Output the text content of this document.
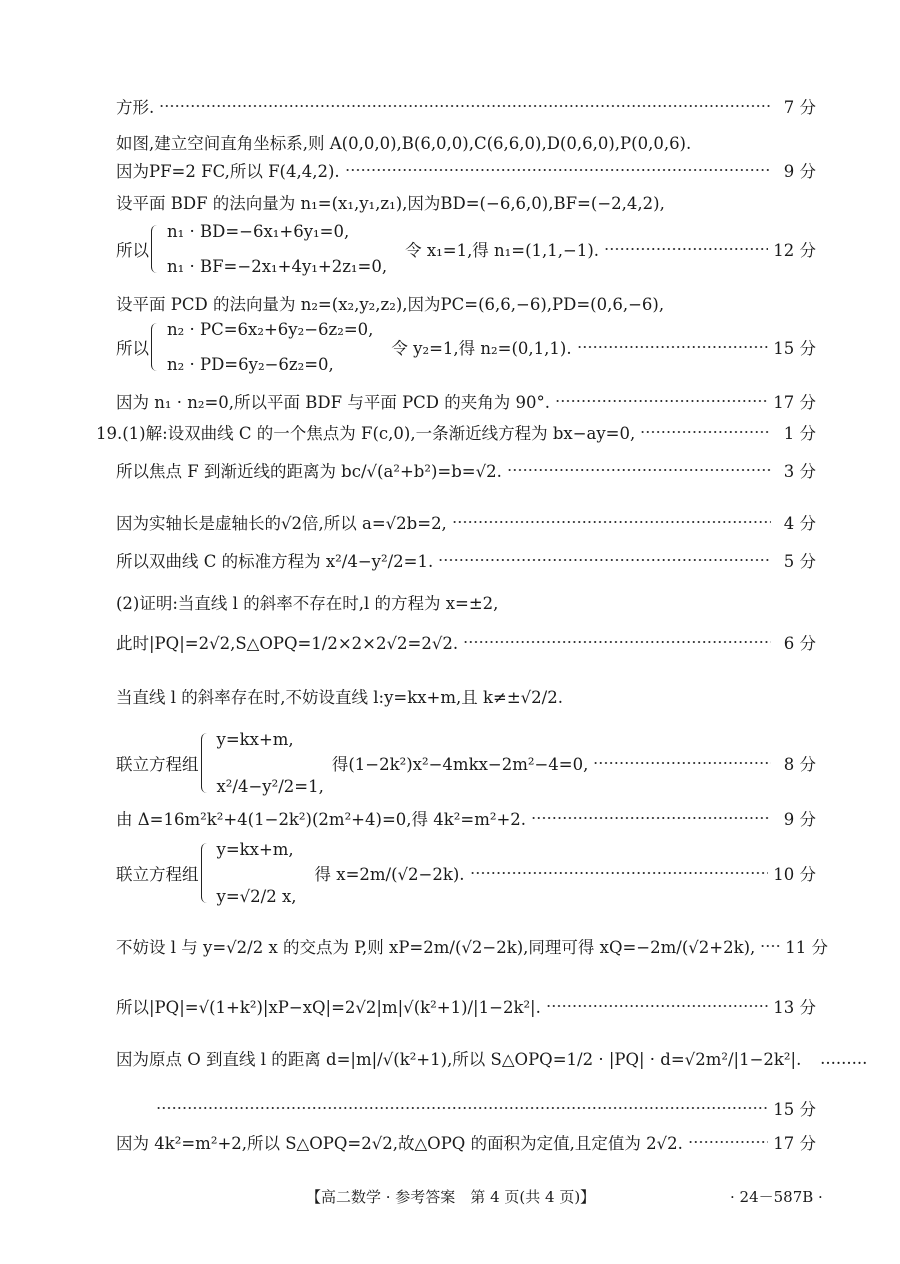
方形.	7 分
如图,建立空间直角坐标系,则 A(0,0,0),B(6,0,0),C(6,6,0),D(0,6,0),P(0,0,6).
因为PF=2 FC,所以 F(4,4,2).	9 分
设平面 BDF 的法向量为 n₁=(x₁,y₁,z₁),因为BD=(−6,6,0),BF=(−2,4,2),
所以
n₁ · BD=−6x₁+6y₁=0,
n₁ · BF=−2x₁+4y₁+2z₁=0,
令 x₁=1,得 n₁=(1,1,−1).	12 分
设平面 PCD 的法向量为 n₂=(x₂,y₂,z₂),因为PC=(6,6,−6),PD=(0,6,−6),
所以
n₂ · PC=6x₂+6y₂−6z₂=0,
n₂ · PD=6y₂−6z₂=0,
令 y₂=1,得 n₂=(0,1,1).	15 分
因为 n₁ · n₂=0,所以平面 BDF 与平面 PCD 的夹角为 90°.	17 分
19.(1)解:设双曲线 C 的一个焦点为 F(c,0),一条渐近线方程为 bx−ay=0,	1 分
所以焦点 F 到渐近线的距离为 bc/√(a²+b²)=b=√2.	3 分
因为实轴长是虚轴长的√2倍,所以 a=√2b=2,	4 分
所以双曲线 C 的标准方程为 x²/4−y²/2=1.	5 分
(2)证明:当直线 l 的斜率不存在时,l 的方程为 x=±2,
此时|PQ|=2√2,S△OPQ=1/2×2×2√2=2√2.	6 分
当直线 l 的斜率存在时,不妨设直线 l:y=kx+m,且 k≠±√2/2.
联立方程组
y=kx+m,
x²/4−y²/2=1,
得(1−2k²)x²−4mkx−2m²−4=0,	8 分
由 Δ=16m²k²+4(1−2k²)(2m²+4)=0,得 4k²=m²+2.	9 分
联立方程组
y=kx+m,
y=√2/2 x,
得 x=2m/(√2−2k).	10 分
不妨设 l 与 y=√2/2 x 的交点为 P,则 xP=2m/(√2−2k),同理可得 xQ=−2m/(√2+2k), 11 分
所以|PQ|=√(1+k²)|xP−xQ|=2√2|m|√(k²+1)/|1−2k²|.	13 分
因为原点 O 到直线 l 的距离 d=|m|/√(k²+1),所以 S△OPQ=1/2 · |PQ| · d=√2m²/|1−2k²|.	.........
15 分
因为 4k²=m²+2,所以 S△OPQ=2√2,故△OPQ 的面积为定值,且定值为 2√2.	17 分
【高二数学 · 参考答案　第 4 页(共 4 页)】	· 24－587B ·
